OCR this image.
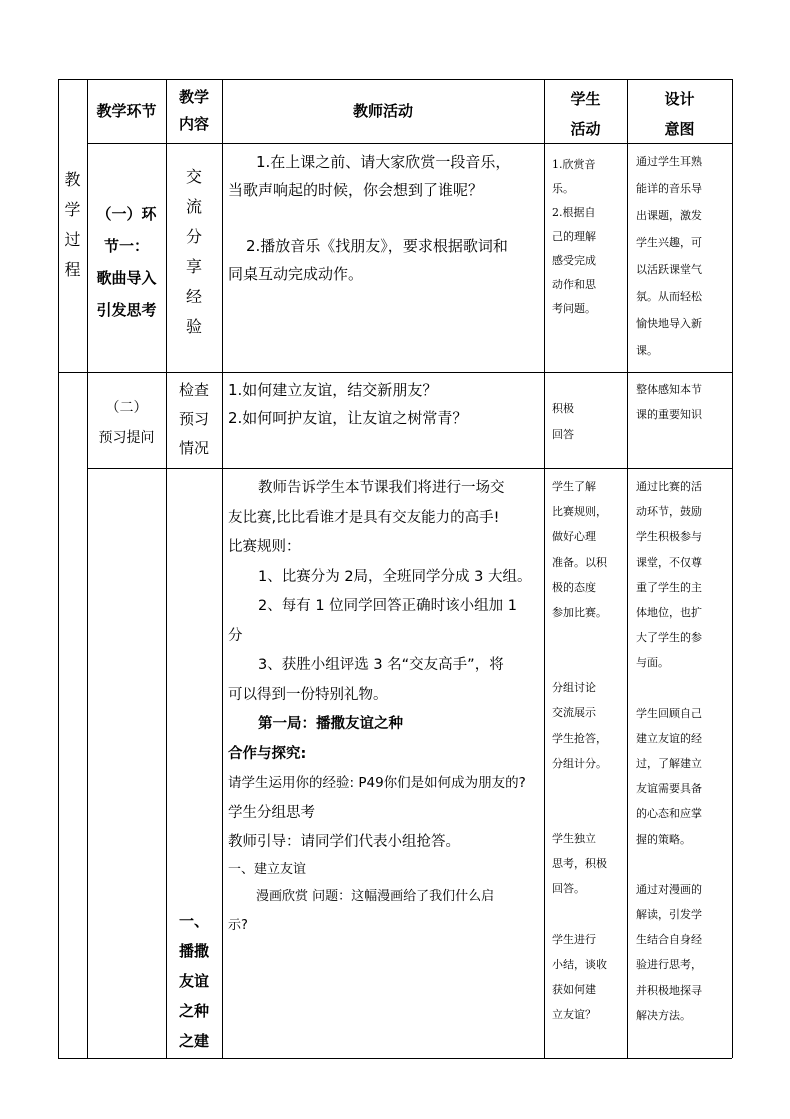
教学环节
教学
内容
教师活动
学生
活动
设计
意图
教
学
过
程
（一）环
节一：
歌曲导入
引发思考
交
流
分
享
经
验
1.在上课之前、请大家欣赏一段音乐，
当歌声响起的时候，你会想到了谁呢？
2.播放音乐《找朋友》，要求根据歌词和
同桌互动完成动作。
1.欣赏音
乐。
2.根据自
己的理解
感受完成
动作和思
考问题。
通过学生耳熟
能详的音乐导
出课题，激发
学生兴趣，可
以活跃课堂气
氛。从而轻松
愉快地导入新
课。
（二）
预习提问
检查
预习
情况
1.如何建立友谊，结交新朋友？
2.如何呵护友谊，让友谊之树常青？
积极
回答
整体感知本节
课的重要知识
一、
播撒
友谊
之种
之建
教师告诉学生本节课我们将进行一场交
友比赛,比比看谁才是具有交友能力的高手!
比赛规则：
1、比赛分为 2局，全班同学分成 3 大组。
2、每有 1 位同学回答正确时该小组加 1
分
3、获胜小组评选 3 名“交友高手”，将
可以得到一份特别礼物。
第一局：播撒友谊之种
合作与探究:
请学生运用你的经验: P49你们是如何成为朋友的?
学生分组思考
教师引导：请同学们代表小组抢答。
一、建立友谊
漫画欣赏 问题：这幅漫画给了我们什么启
示?
学生了解
比赛规则，
做好心理
准备。以积
极的态度
参加比赛。
分组讨论
交流展示
学生抢答，
分组计分。
学生独立
思考，积极
回答。
学生进行
小结，谈收
获如何建
立友谊？
通过比赛的活
动环节，鼓励
学生积极参与
课堂，不仅尊
重了学生的主
体地位，也扩
大了学生的参
与面。
学生回顾自己
建立友谊的经
过，了解建立
友谊需要具备
的心态和应掌
握的策略。
通过对漫画的
解读，引发学
生结合自身经
验进行思考，
并积极地探寻
解决方法。
